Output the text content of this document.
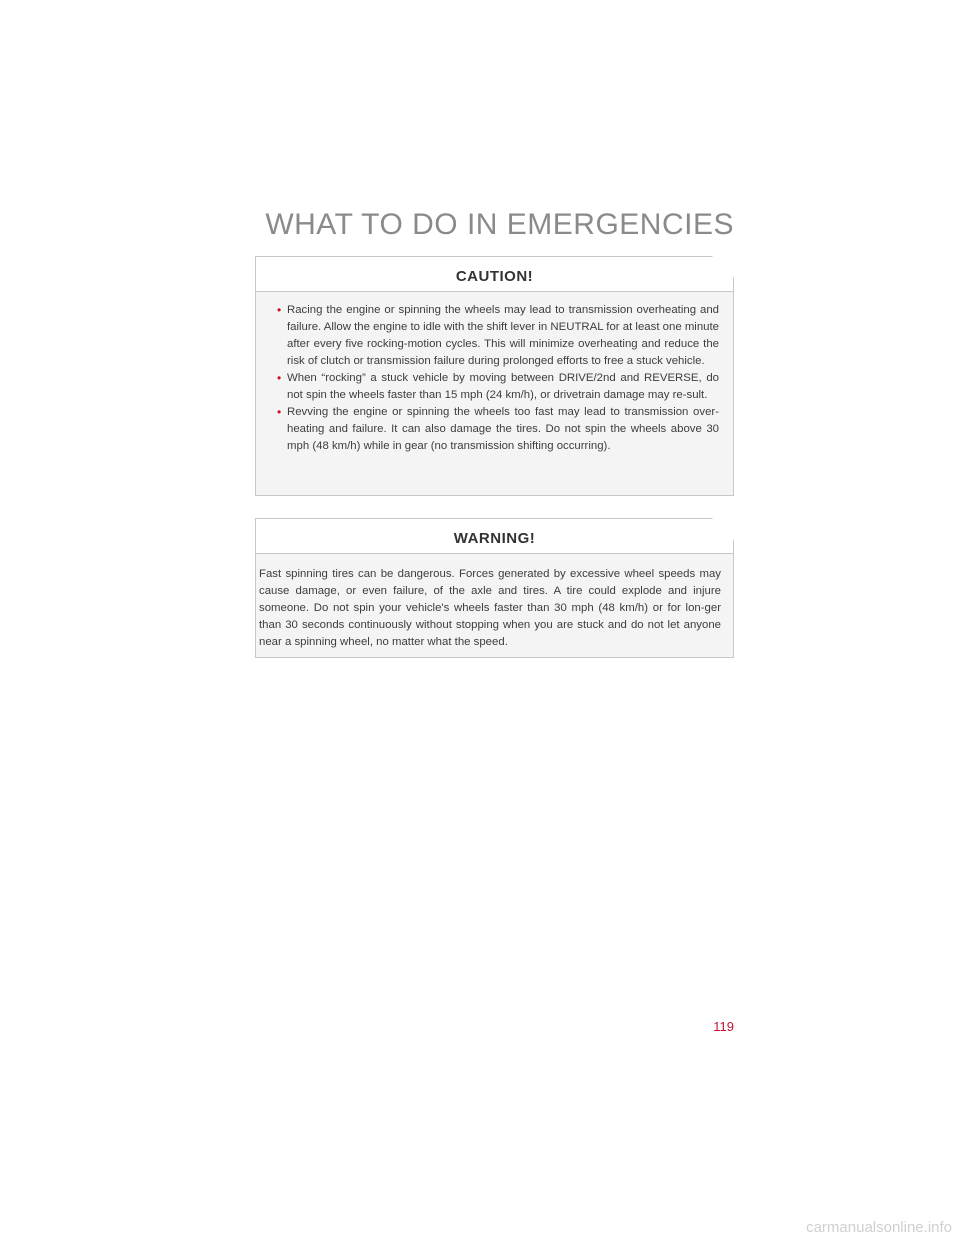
WHAT TO DO IN EMERGENCIES
CAUTION!
• Racing the engine or spinning the wheels may lead to transmission overheating and failure. Allow the engine to idle with the shift lever in NEUTRAL for at least one minute after every five rocking-motion cycles. This will minimize overheating and reduce the risk of clutch or transmission failure during prolonged efforts to free a stuck vehicle.
• When “rocking” a stuck vehicle by moving between DRIVE/2nd and REVERSE, do not spin the wheels faster than 15 mph (24 km/h), or drivetrain damage may re-sult.
• Revving the engine or spinning the wheels too fast may lead to transmission over-heating and failure. It can also damage the tires. Do not spin the wheels above 30 mph (48 km/h) while in gear (no transmission shifting occurring).
WARNING!

Fast spinning tires can be dangerous. Forces generated by excessive wheel speeds may cause damage, or even failure, of the axle and tires. A tire could explode and injure someone. Do not spin your vehicle's wheels faster than 30 mph (48 km/h) or for lon-ger than 30 seconds continuously without stopping when you are stuck and do not let anyone near a spinning wheel, no matter what the speed.

119
carmanualsonline.info
